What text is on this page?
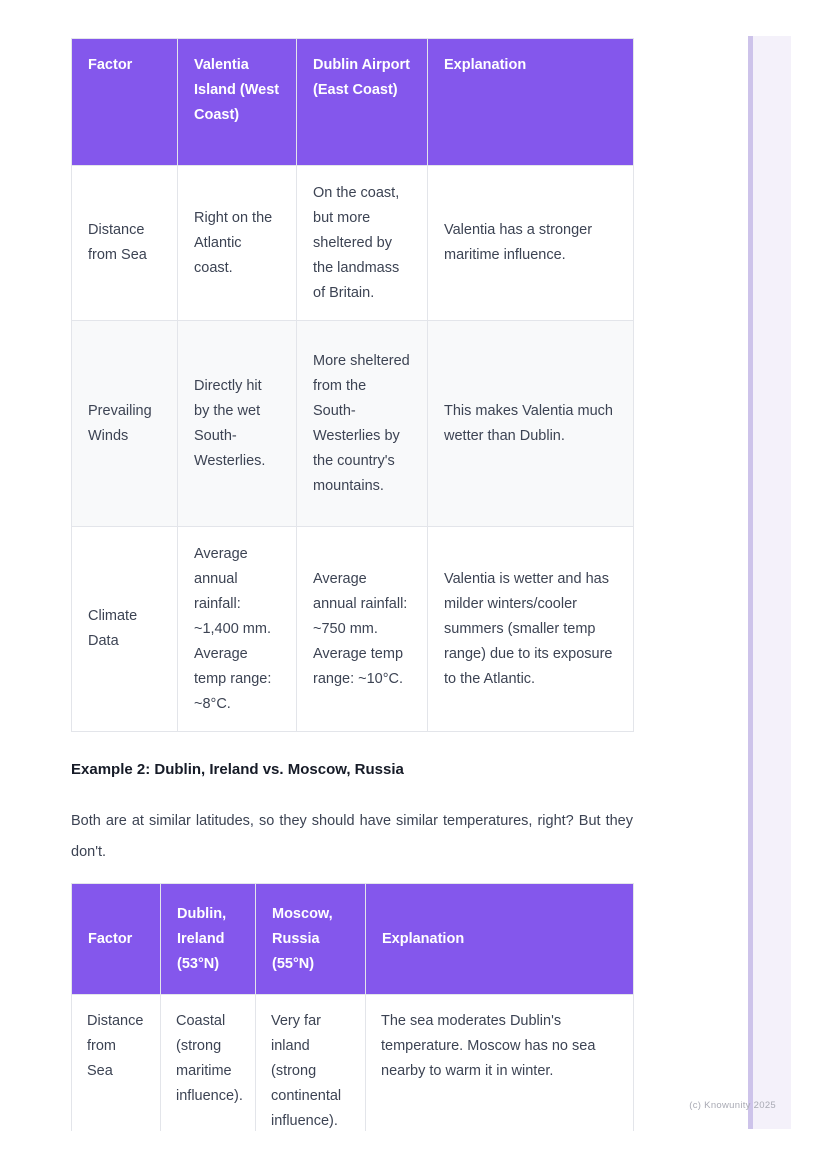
Factor	Valentia Island (West Coast)	Dublin Airport (East Coast)	Explanation
Distance from Sea	Right on the Atlantic coast.	On the coast, but more sheltered by the landmass of Britain.	Valentia has a stronger maritime influence.
Prevailing Winds	Directly hit by the wet South-Westerlies.	More sheltered from the South-Westerlies by the country's mountains.	This makes Valentia much wetter than Dublin.
Climate Data	Average annual rainfall: ~1,400 mm. Average temp range: ~8°C.	Average annual rainfall: ~750 mm. Average temp range: ~10°C.	Valentia is wetter and has milder winters/cooler summers (smaller temp range) due to its exposure to the Atlantic.
Example 2: Dublin, Ireland vs. Moscow, Russia

Both are at similar latitudes, so they should have similar temperatures, right? But they don't.

Factor	Dublin, Ireland (53°N)	Moscow, Russia (55°N)	Explanation
Distance from Sea	Coastal (strong maritime influence).	Very far inland (strong continental influence).	The sea moderates Dublin's temperature. Moscow has no sea nearby to warm it in winter.
(c) Knowunity 2025
